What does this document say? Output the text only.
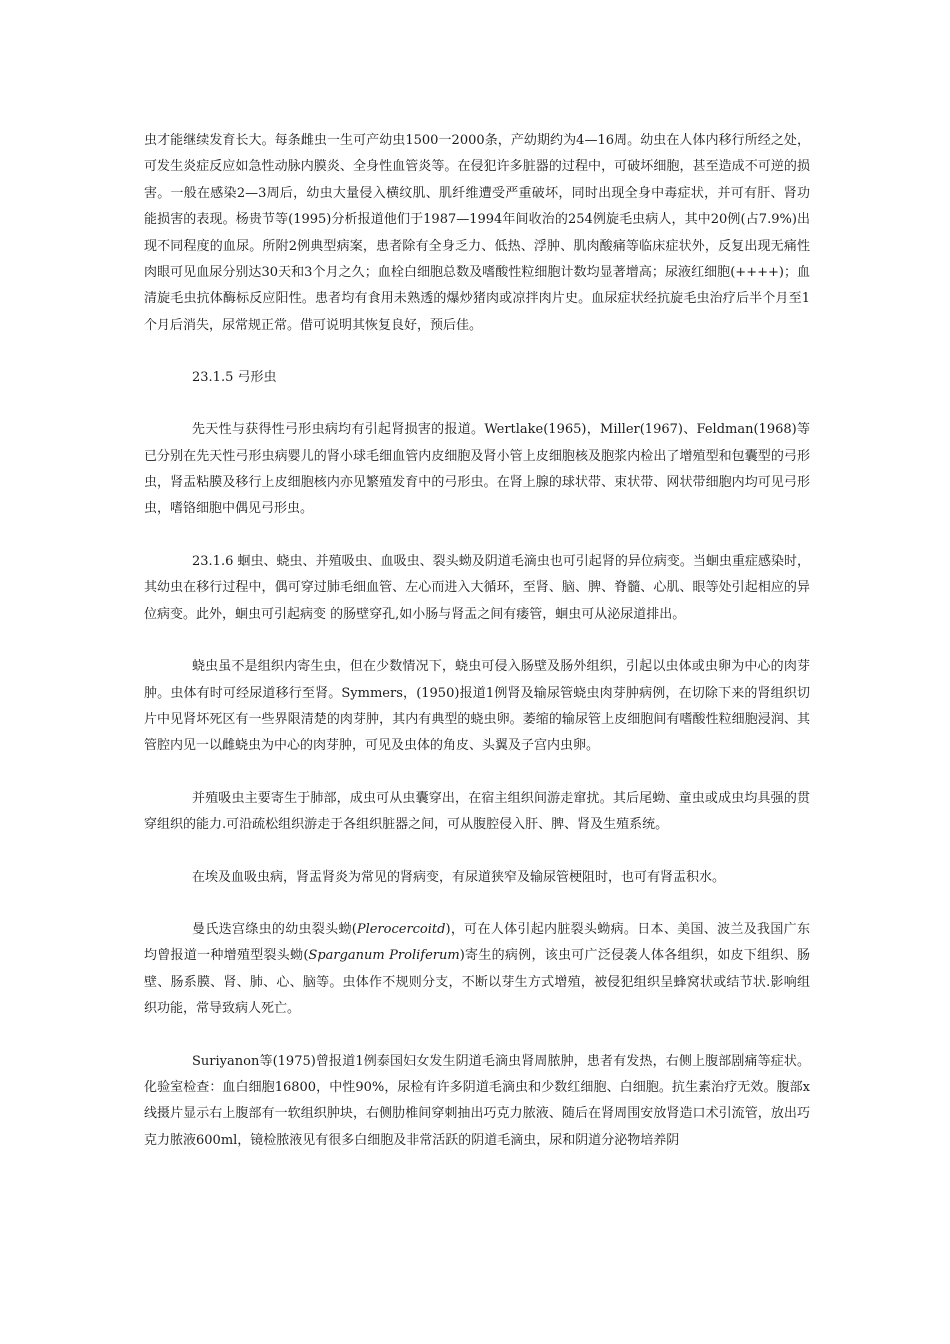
虫才能继续发育长大。每条雌虫一生可产幼虫1500一2000条，产幼期约为4—16周。幼虫在人体内移行所经之处，可发生炎症反应如急性动脉内膜炎、全身性血管炎等。在侵犯许多脏器的过程中，可破坏细胞，甚至造成不可逆的损害。一般在感染2—3周后，幼虫大量侵入横纹肌、肌纤维遭受严重破坏，同时出现全身中毒症状，并可有肝、肾功能损害的表现。杨贵节等(1995)分析报道他们于1987—1994年间收治的254例旋毛虫病人，其中20例(占7.9%)出现不同程度的血尿。所附2例典型病案，患者除有全身乏力、低热、浮肿、肌肉酸痛等临床症状外，反复出现无痛性肉眼可见血尿分别达30天和3个月之久；血栓白细胞总数及嗜酸性粒细胞计数均显著增高；尿液红细胞(++++)；血清旋毛虫抗体酶标反应阳性。患者均有食用未熟透的爆炒猪肉或凉拌肉片史。血尿症状经抗旋毛虫治疗后半个月至1个月后消失，尿常规正常。借可说明其恢复良好，预后佳。

23.1.5 弓形虫

先天性与获得性弓形虫病均有引起肾损害的报道。Wertlake(1965)，Miller(1967)、Feldman(1968)等已分别在先天性弓形虫病婴儿的肾小球毛细血管内皮细胞及肾小管上皮细胞核及胞浆内检出了增殖型和包囊型的弓形虫，肾盂粘膜及移行上皮细胞核内亦见繁殖发育中的弓形虫。在肾上腺的球状带、束状带、网状带细胞内均可见弓形虫，嗜铬细胞中偶见弓形虫。

23.1.6 蛔虫、蛲虫、并殖吸虫、血吸虫、裂头蚴及阴道毛滴虫也可引起肾的异位病变。当蛔虫重症感染时，其幼虫在移行过程中，偶可穿过肺毛细血管、左心而进入大循环，至肾、脑、脾、脊髓、心肌、眼等处引起相应的异位病变。此外，蛔虫可引起病变 的肠壁穿孔,如小肠与肾盂之间有瘘管，蛔虫可从泌尿道排出。

蛲虫虽不是组织内寄生虫，但在少数情况下，蛲虫可侵入肠壁及肠外组织，引起以虫体或虫卵为中心的肉芽肿。虫体有时可经尿道移行至肾。Symmers，(1950)报道1例肾及输尿管蛲虫肉芽肿病例，在切除下来的肾组织切片中见肾坏死区有一些界限清楚的肉芽肿，其内有典型的蛲虫卵。萎缩的输尿管上皮细胞间有嗜酸性粒细胞浸润、其管腔内见一以雌蛲虫为中心的肉芽肿，可见及虫体的角皮、头翼及子宫内虫卵。

并殖吸虫主要寄生于肺部，成虫可从虫囊穿出，在宿主组织间游走窜扰。其后尾蚴、童虫或成虫均具强的贯穿组织的能力.可沿疏松组织游走于各组织脏器之间，可从腹腔侵入肝、脾、肾及生殖系统。

在埃及血吸虫病，肾盂肾炎为常见的肾病变，有尿道狭窄及输尿管梗阻时，也可有肾盂积水。

曼氏迭宫绦虫的幼虫裂头蚴(Plerocercoitd)，可在人体引起内脏裂头蚴病。日本、美国、波兰及我国广东均曾报道一种增殖型裂头蚴(Sparganum Proliferum)寄生的病例，该虫可广泛侵袭人体各组织，如皮下组织、肠壁、肠系膜、肾、肺、心、脑等。虫体作不规则分支，不断以芽生方式增殖，被侵犯组织呈蜂窝状或结节状.影响组织功能，常导致病人死亡。

Suriyanon等(1975)曾报道1例泰国妇女发生阴道毛滴虫肾周脓肿，患者有发热，右侧上腹部剧痛等症状。化验室检查：血白细胞16800，中性90%，尿检有许多阴道毛滴虫和少数红细胞、白细胞。抗生素治疗无效。腹部x线摄片显示右上腹部有一软组织肿块，右侧肋椎间穿刺抽出巧克力脓液、随后在肾周围安放肾造口术引流管，放出巧克力脓液600ml，镜检脓液见有很多白细胞及非常活跃的阴道毛滴虫，尿和阴道分泌物培养阴
